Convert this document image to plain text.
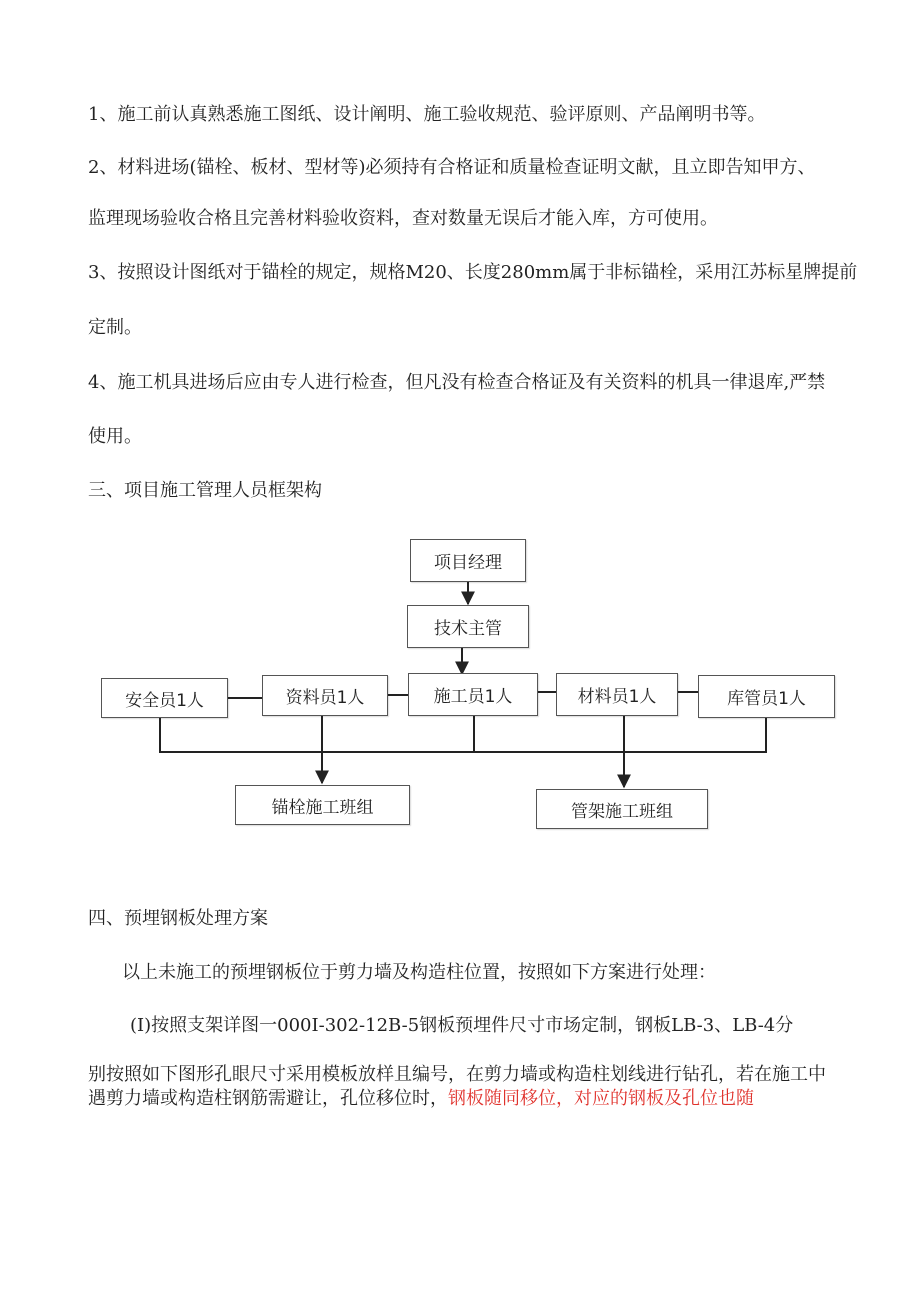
1、施工前认真熟悉施工图纸、设计阐明、施工验收规范、验评原则、产品阐明书等。
2、材料进场(锚栓、板材、型材等)必须持有合格证和质量检查证明文献，且立即告知甲方、
监理现场验收合格且完善材料验收资料，查对数量无误后才能入库，方可使用。
3、按照设计图纸对于锚栓的规定，规格M20、长度280mm属于非标锚栓，采用江苏标星牌提前
定制。
4、施工机具进场后应由专人进行检查，但凡没有检查合格证及有关资料的机具一律退库,严禁
使用。
三、项目施工管理人员框架构
项目经理
技术主管
安全员1人	资料员1人	施工员1人	材料员1人	库管员1人
锚栓施工班组	管架施工班组
四、预埋钢板处理方案
以上未施工的预埋钢板位于剪力墙及构造柱位置，按照如下方案进行处理：
(I)按照支架详图一000I-302-12B-5钢板预埋件尺寸市场定制，钢板LB-3、LB-4分
别按照如下图形孔眼尺寸采用模板放样且编号，在剪力墙或构造柱划线进行钻孔，若在施工中
遇剪力墙或构造柱钢筋需避让，孔位移位时，钢板随同移位，对应的钢板及孔位也随
